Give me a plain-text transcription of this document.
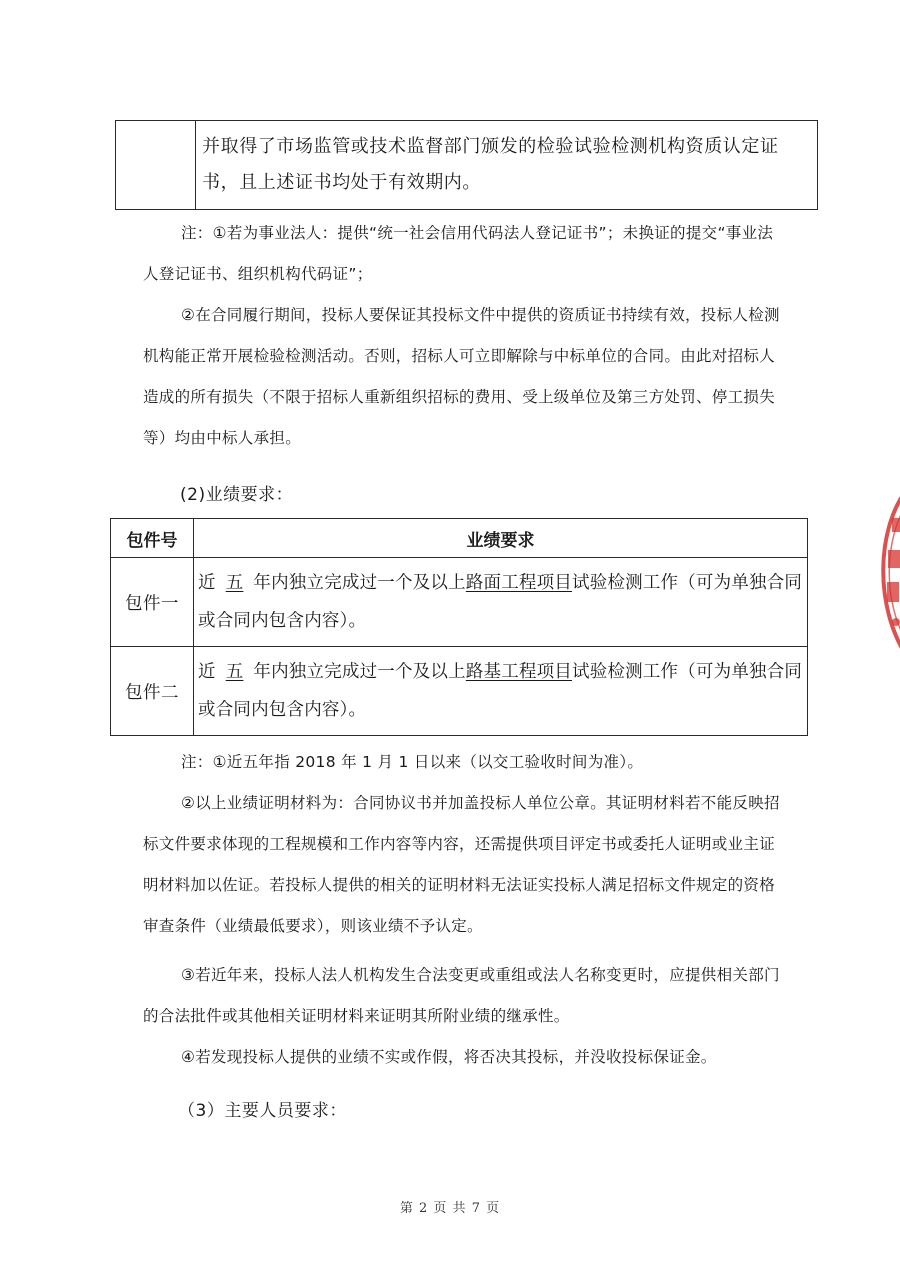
	并取得了市场监管或技术监督部门颁发的检验试验检测机构资质认定证书，且上述证书均处于有效期内。
注：①若为事业法人：提供“统一社会信用代码法人登记证书”；未换证的提交“事业法人登记证书、组织机构代码证”；
②在合同履行期间，投标人要保证其投标文件中提供的资质证书持续有效，投标人检测机构能正常开展检验检测活动。否则，招标人可立即解除与中标单位的合同。由此对招标人造成的所有损失（不限于招标人重新组织招标的费用、受上级单位及第三方处罚、停工损失等）均由中标人承担。
(2)业绩要求：
包件号	业绩要求
包件一	近 五 年内独立完成过一个及以上路面工程项目试验检测工作（可为单独合同或合同内包含内容）。
包件二	近 五 年内独立完成过一个及以上路基工程项目试验检测工作（可为单独合同或合同内包含内容）。
注：①近五年指 2018 年 1 月 1 日以来（以交工验收时间为准）。
②以上业绩证明材料为：合同协议书并加盖投标人单位公章。其证明材料若不能反映招标文件要求体现的工程规模和工作内容等内容，还需提供项目评定书或委托人证明或业主证明材料加以佐证。若投标人提供的相关的证明材料无法证实投标人满足招标文件规定的资格审查条件（业绩最低要求），则该业绩不予认定。
③若近年来，投标人法人机构发生合法变更或重组或法人名称变更时，应提供相关部门的合法批件或其他相关证明材料来证明其所附业绩的继承性。
④若发现投标人提供的业绩不实或作假，将否决其投标，并没收投标保证金。
（3）主要人员要求：
第 2 页 共 7 页
